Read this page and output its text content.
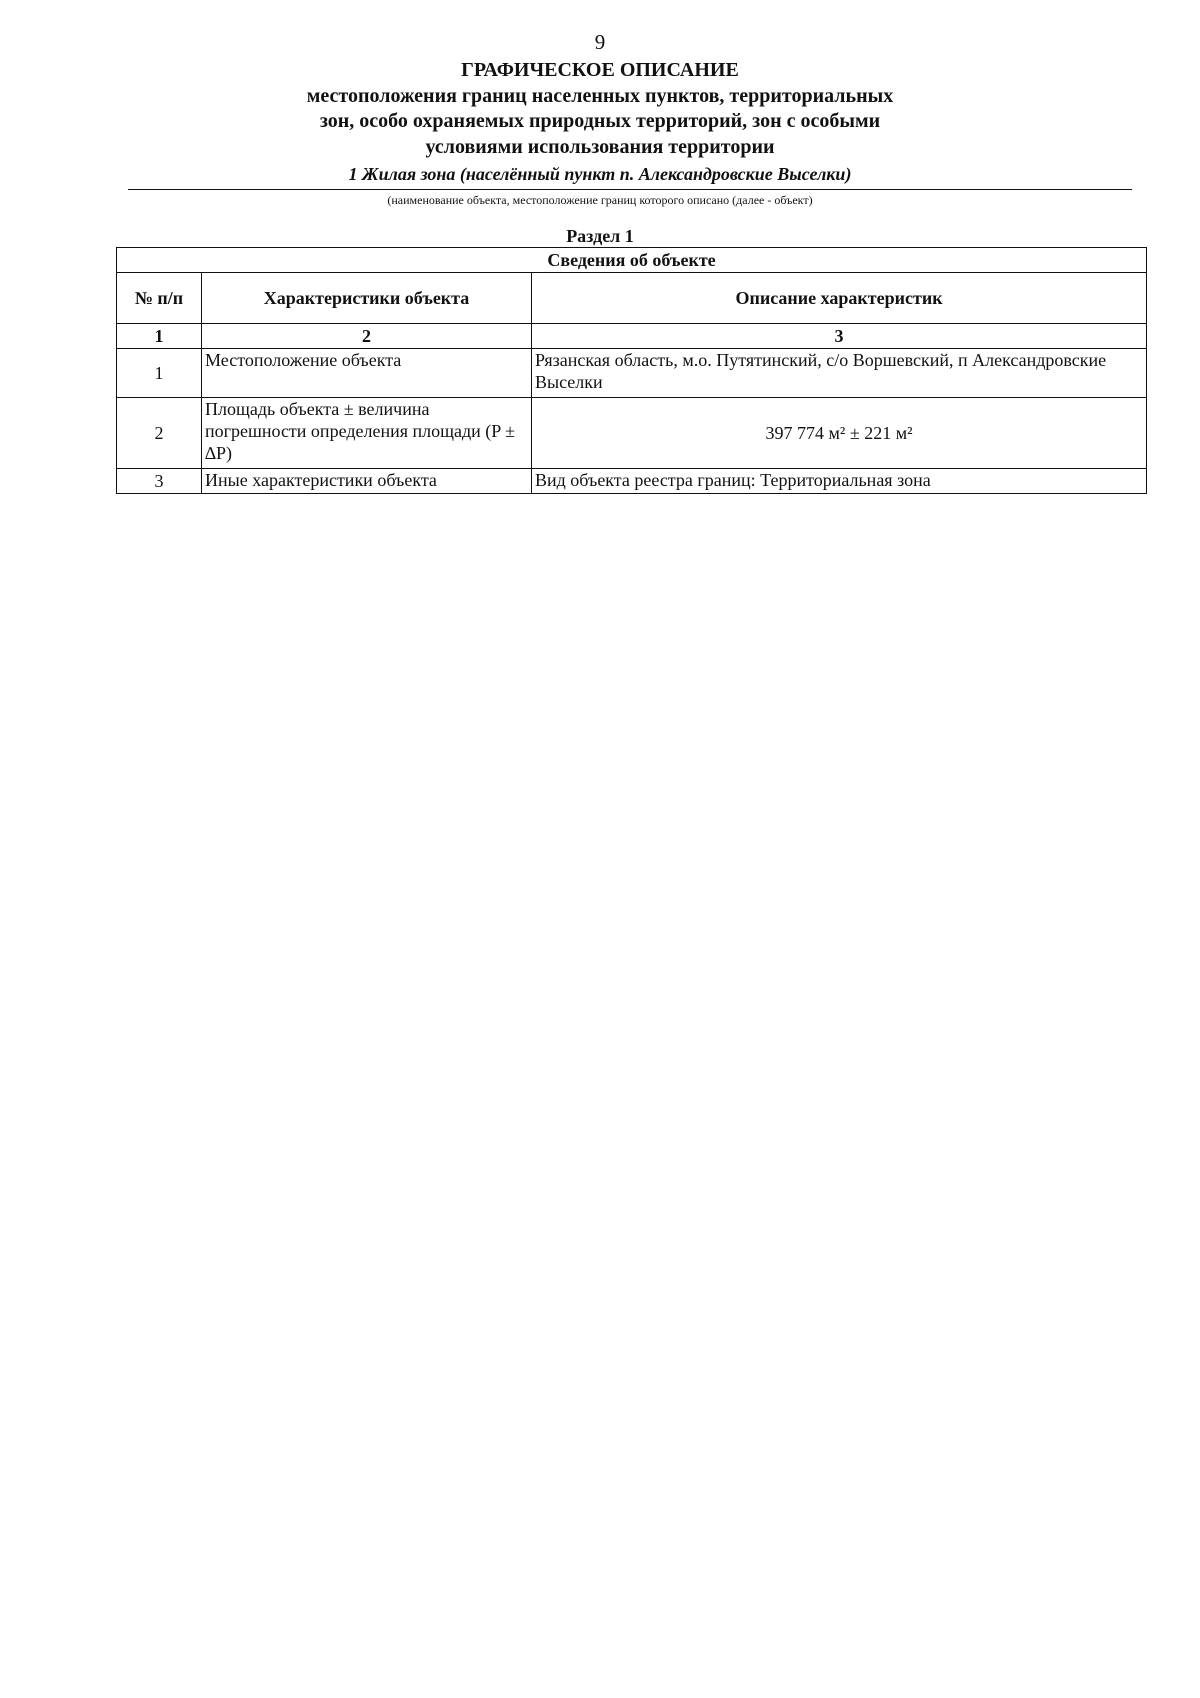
9
ГРАФИЧЕСКОЕ ОПИСАНИЕ
местоположения границ населенных пунктов, территориальных
зон, особо охраняемых природных территорий, зон с особыми
условиями использования территории
1 Жилая зона (населённый пункт п. Александровские Выселки)
(наименование объекта, местоположение границ которого описано (далее - объект)
Раздел 1
Сведения об объекте		
№ п/п	Характеристики объекта	Описание характеристик
1	2	3
1	Местоположение объекта	Рязанская область, м.о. Путятинский, с/о Воршевский, п Александровские Выселки
2	Площадь объекта ± величина погрешности определения площади (P ± ∆P)	397 774 м² ± 221 м²
3	Иные характеристики объекта	Вид объекта реестра границ: Территориальная зона
